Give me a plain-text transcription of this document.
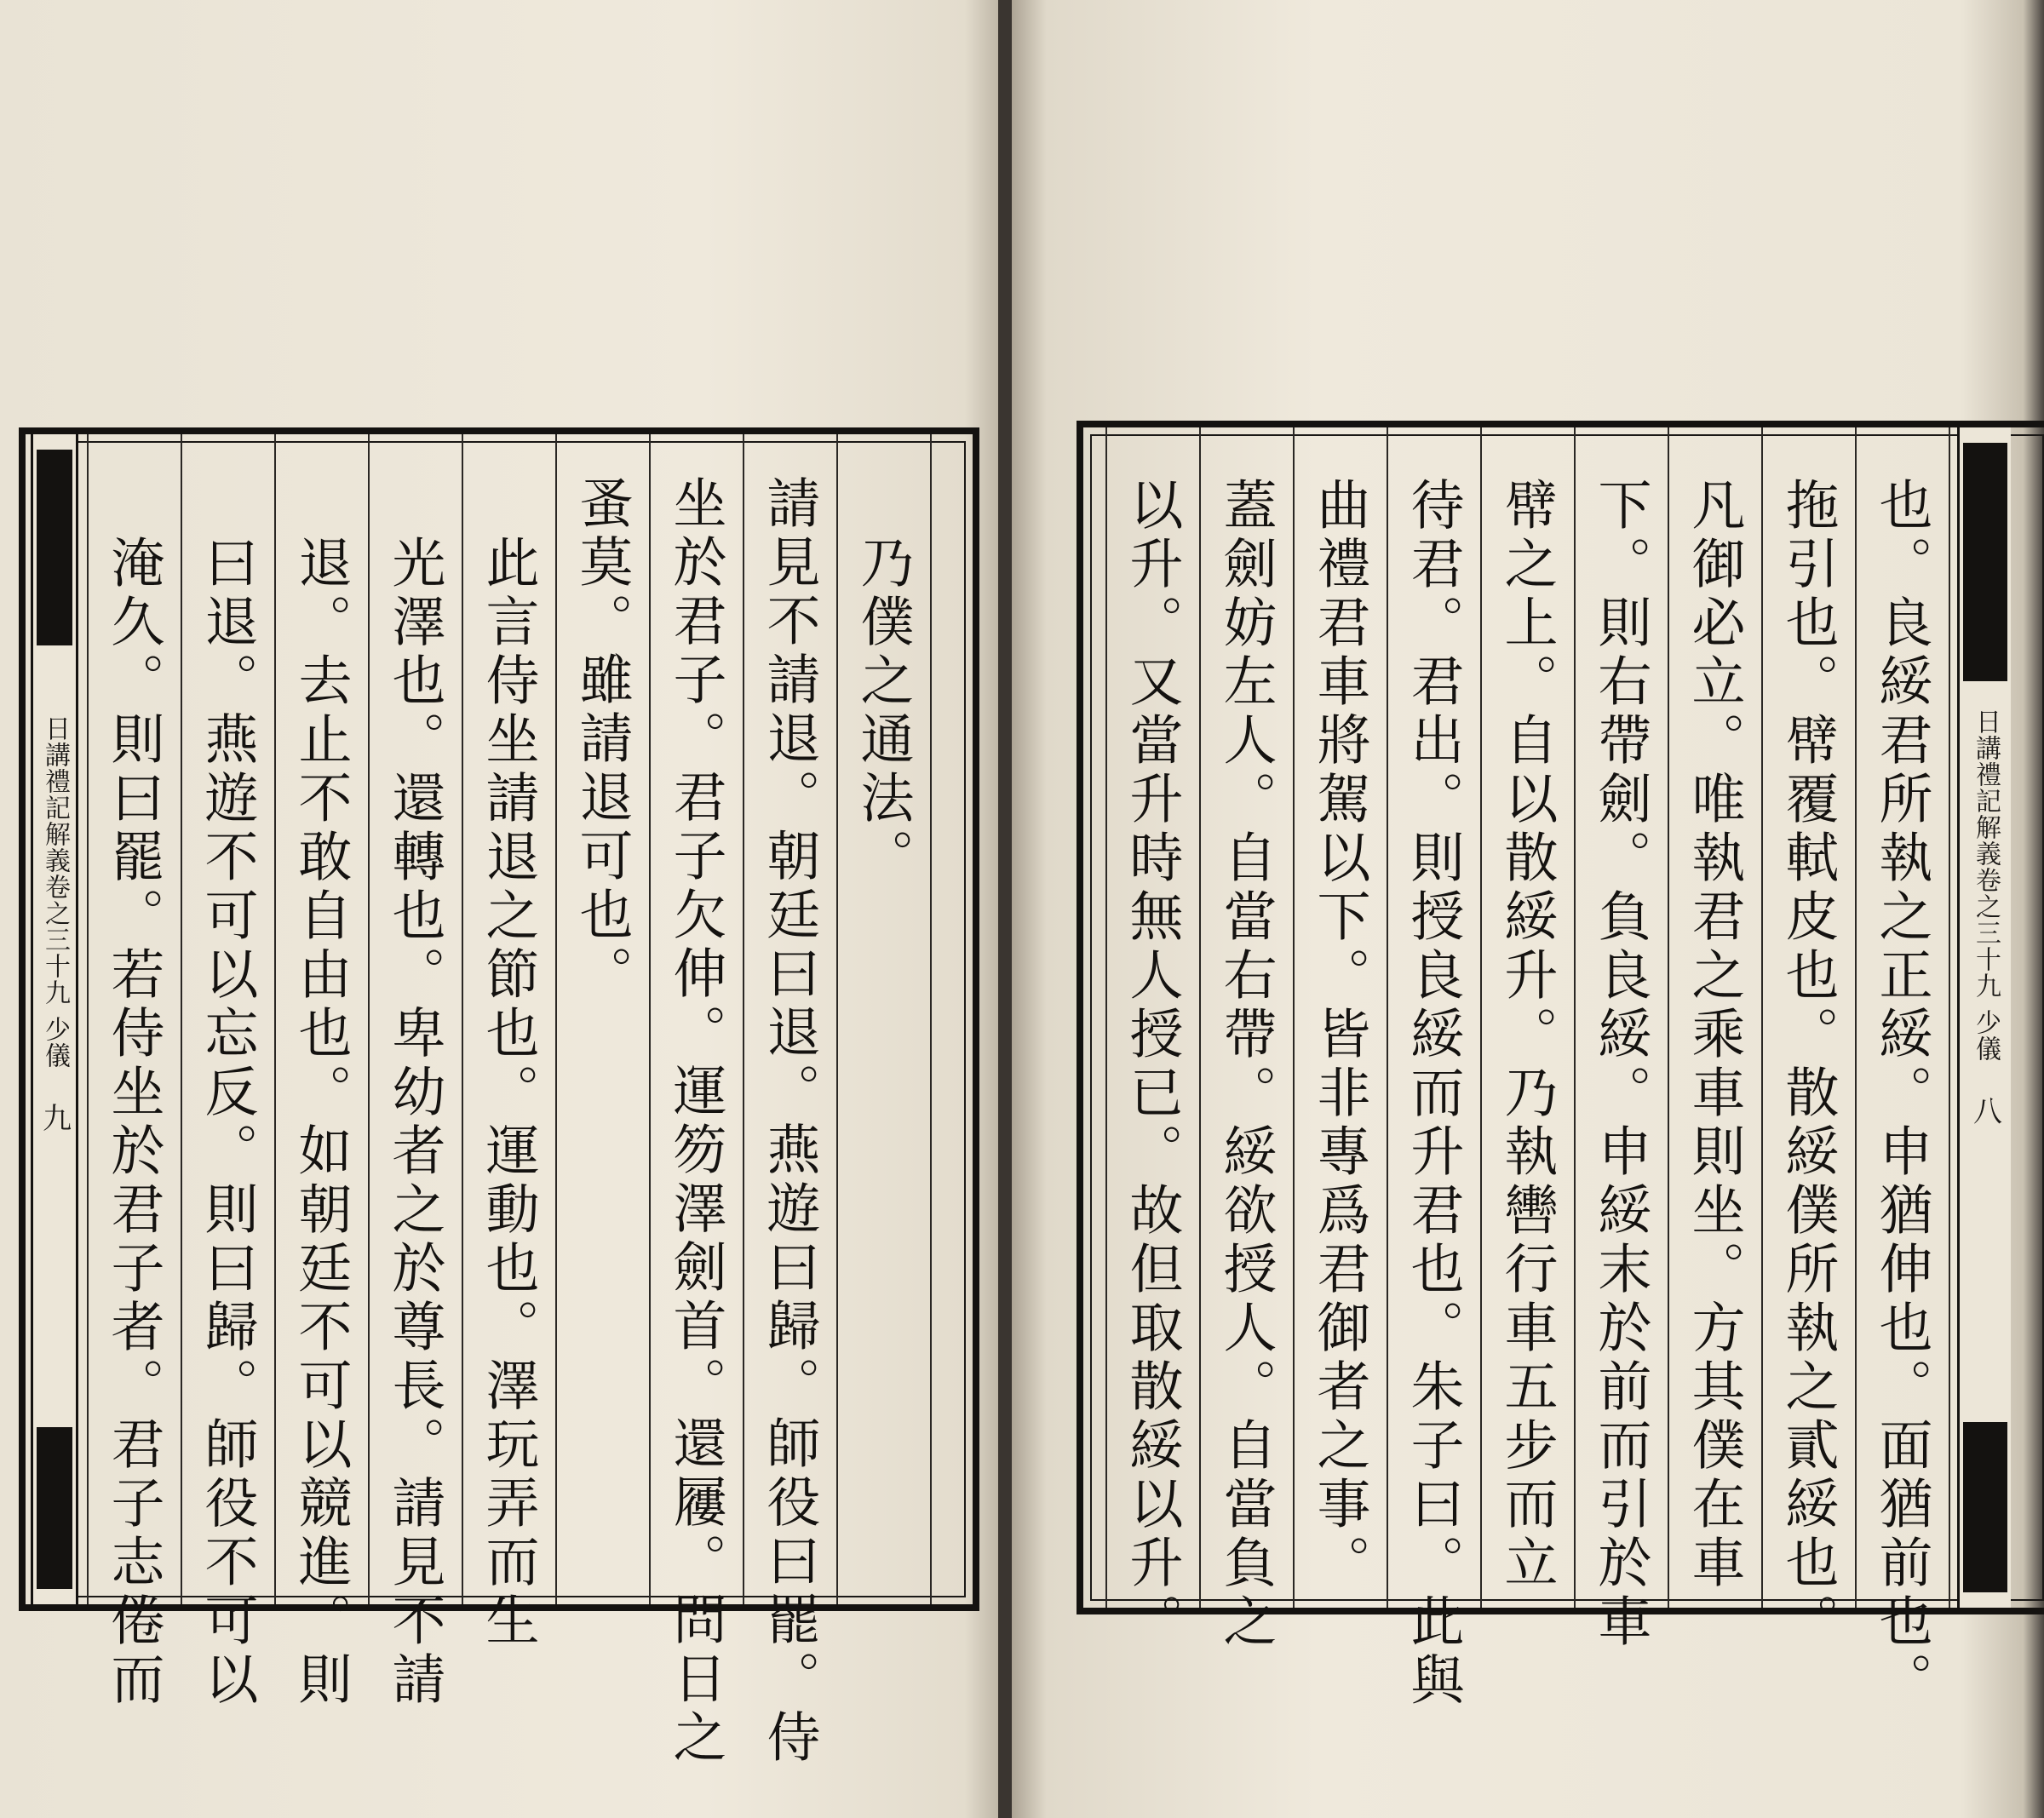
日講禮記解義卷之三十九
少儀
九
乃僕之通法。
請見不請退。朝廷曰退。燕遊曰歸。師役曰罷。侍
坐於君子。君子欠伸。運笏澤劍首。還屨。問日之
蚤莫。雖請退可也。
此言侍坐請退之節也。運動也。澤玩弄而生
光澤也。還轉也。卑幼者之於尊長。請見不請
退。去止不敢自由也。如朝廷不可以競進。則
曰退。燕遊不可以忘反。則曰歸。師役不可以
淹久。則曰罷。若侍坐於君子者。君子志倦而	也。良綏君所執之正綏。申猶伸也。面猶前也。
拖引也。幦覆軾皮也。散綏僕所執之貳綏也。
凡御必立。唯執君之乘車則坐。方其僕在車
下。則右帶劍。負良綏。申綏末於前而引於車
幦之上。自以散綏升。乃執轡行車五步而立
待君。君出。則授良綏而升君也。朱子曰。此與
曲禮君車將駕以下。皆非專爲君御者之事。
蓋劍妨左人。自當右帶。綏欲授人。自當負之
以升。又當升時無人授已。故但取散綏以升。	日講禮記解義卷之三十九
少儀
八
